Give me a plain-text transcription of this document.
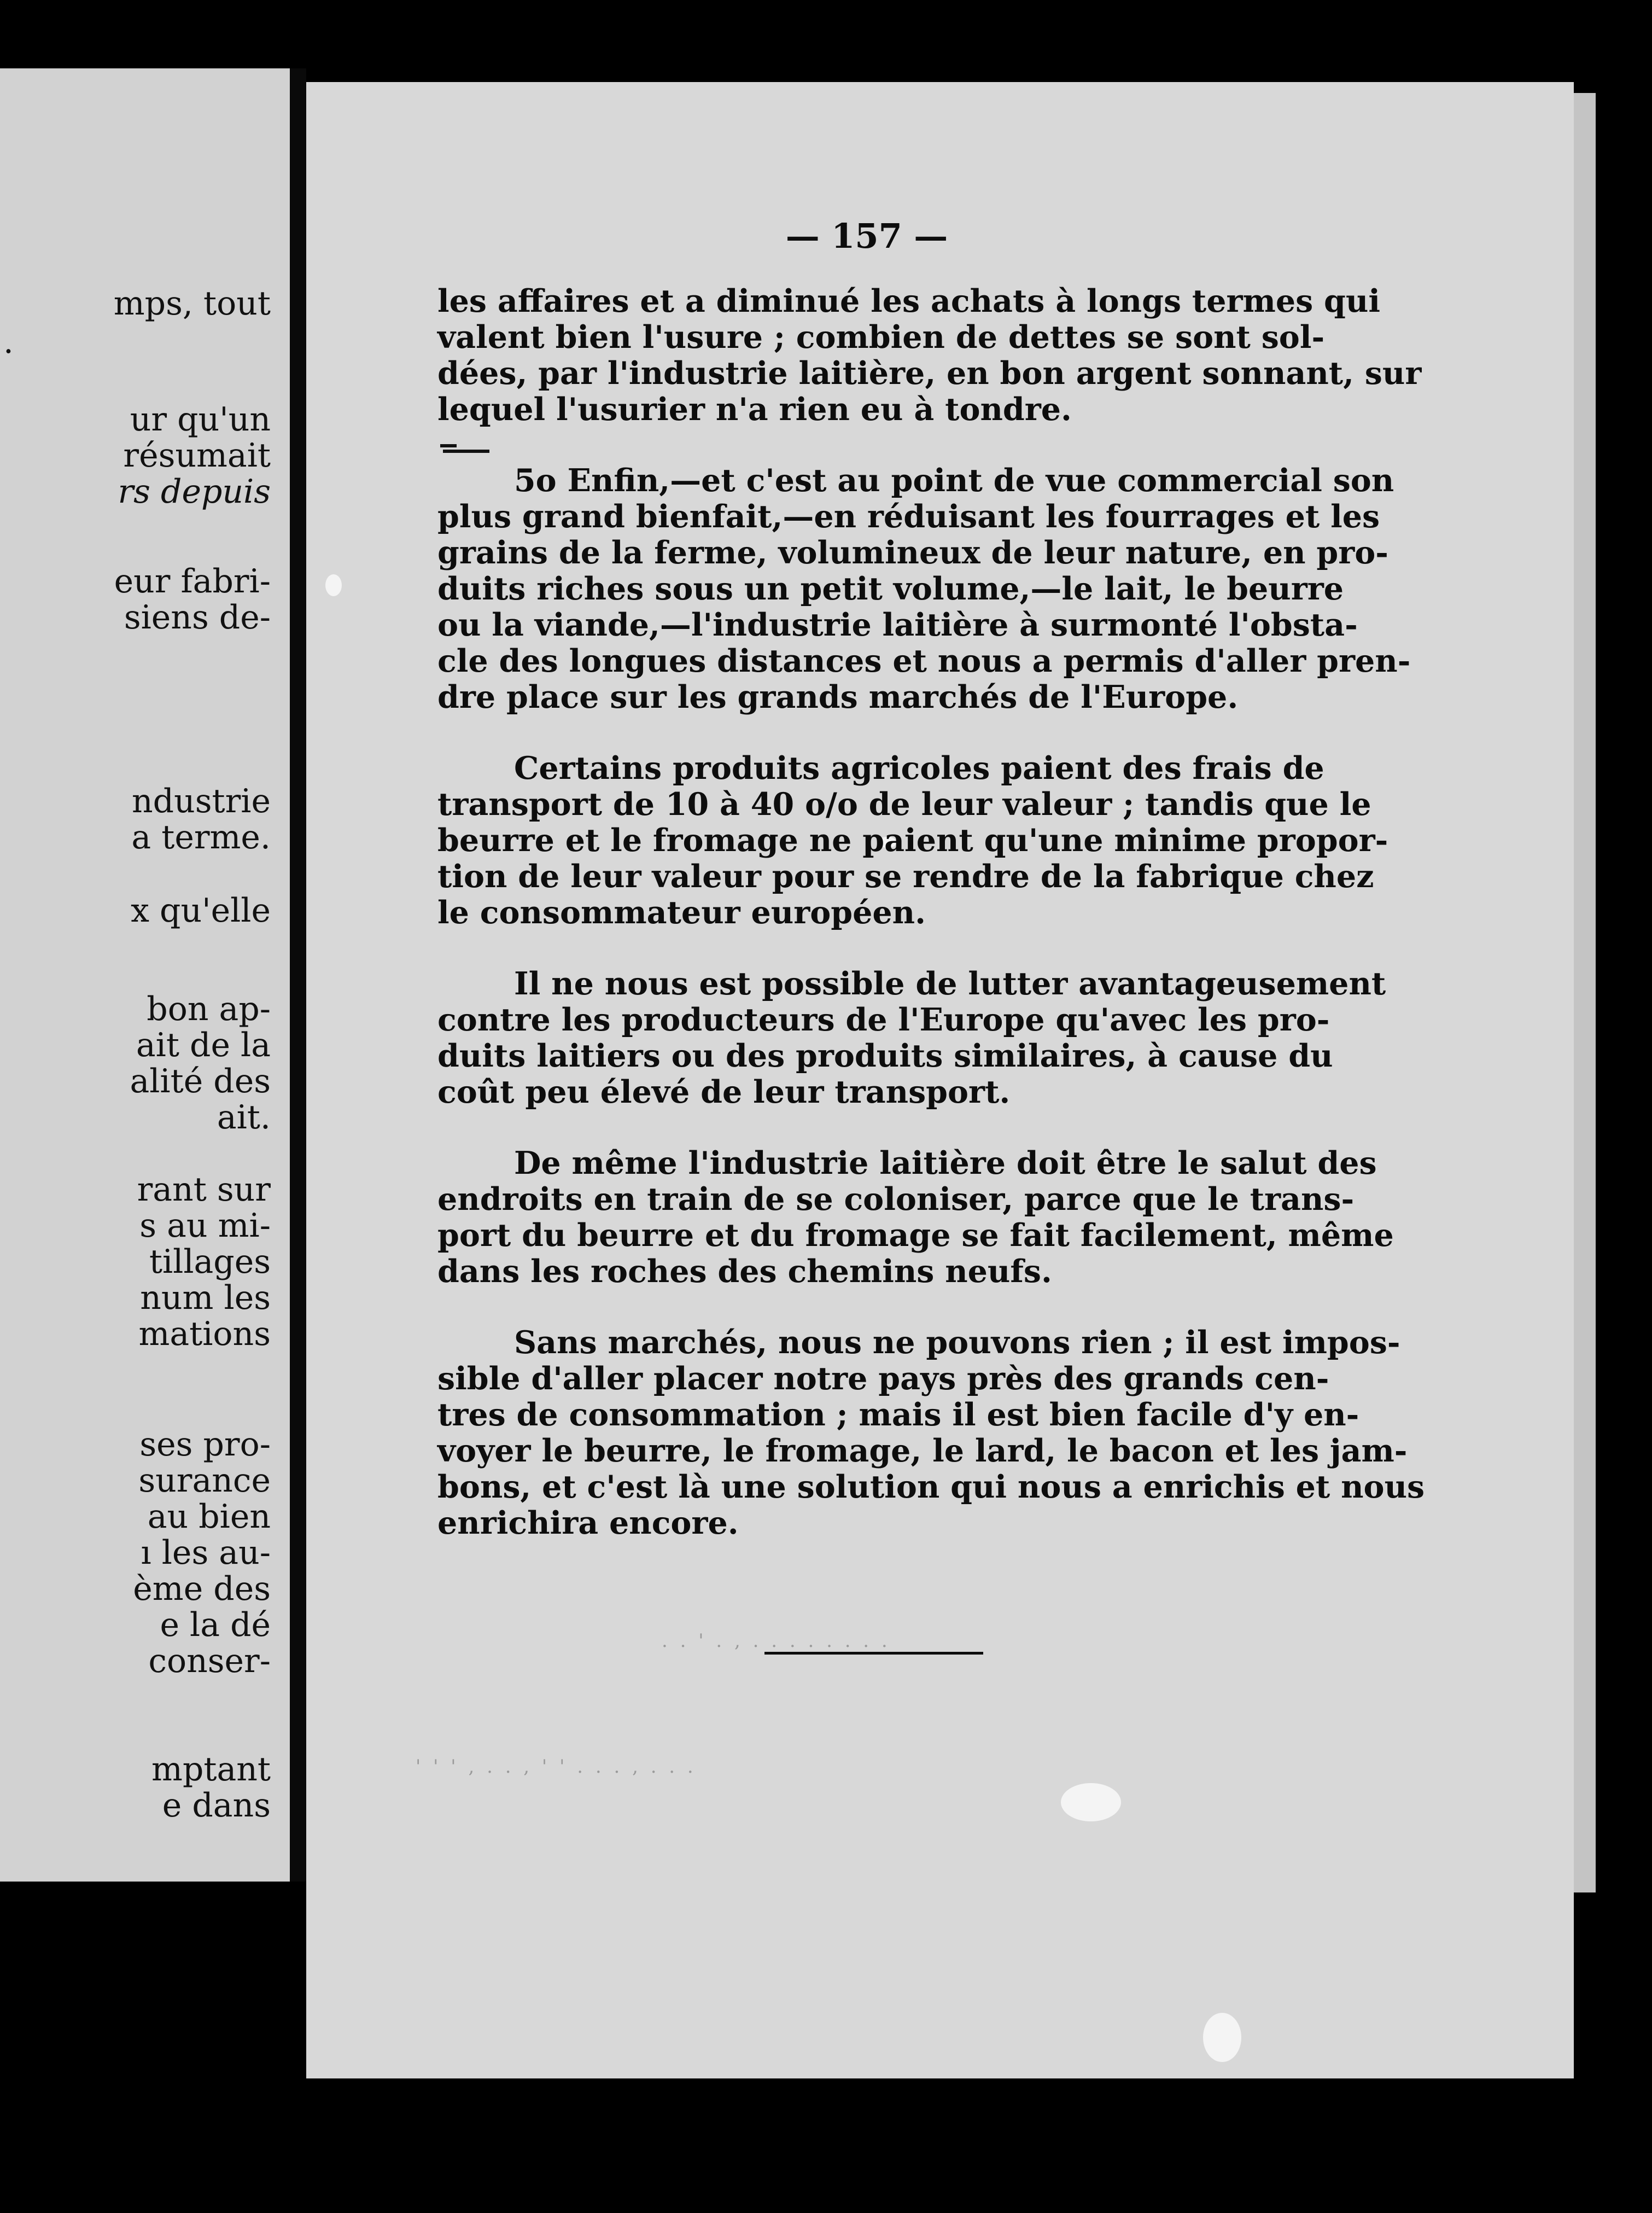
mps, tout
.
ur qu'un
résumait
rs depuis
eur fabri-
siens de-
ndustrie
a terme.
x qu'elle
bon ap-
ait de la
alité des
ait.
rant sur
s au mi-
tillages
num les
mations
ses pro-
surance
au bien
ı les au-
ème des
e la dé
conser-
mptant
e dans
. . ' . , . . . . . . . .
' ' ' , . . , ' ' . . . , . . .
— 157 —
les affaires et a diminué les achats à longs termes qui
valent bien l'usure ; combien de dettes se sont sol-
dées, par l'industrie laitière, en bon argent sonnant, sur
lequel l'usurier n'a rien eu à tondre.
5o Enfin,—et c'est au point de vue commercial son
plus grand bienfait,—en réduisant les fourrages et les
grains de la ferme, volumineux de leur nature, en pro-
duits riches sous un petit volume,—le lait, le beurre
ou la viande,—l'industrie laitière à surmonté l'obsta-
cle des longues distances et nous a permis d'aller pren-
dre place sur les grands marchés de l'Europe.
Certains produits agricoles paient des frais de
transport de 10 à 40 o/o de leur valeur ; tandis que le
beurre et le fromage ne paient qu'une minime propor-
tion de leur valeur pour se rendre de la fabrique chez
le consommateur européen.
Il ne nous est possible de lutter avantageusement
contre les producteurs de l'Europe qu'avec les pro-
duits laitiers ou des produits similaires, à cause du
coût peu élevé de leur transport.
De même l'industrie laitière doit être le salut des
endroits en train de se coloniser, parce que le trans-
port du beurre et du fromage se fait facilement, même
dans les roches des chemins neufs.
Sans marchés, nous ne pouvons rien ; il est impos-
sible d'aller placer notre pays près des grands cen-
tres de consommation ; mais il est bien facile d'y en-
voyer le beurre, le fromage, le lard, le bacon et les jam-
bons, et c'est là une solution qui nous a enrichis et nous
enrichira encore.
